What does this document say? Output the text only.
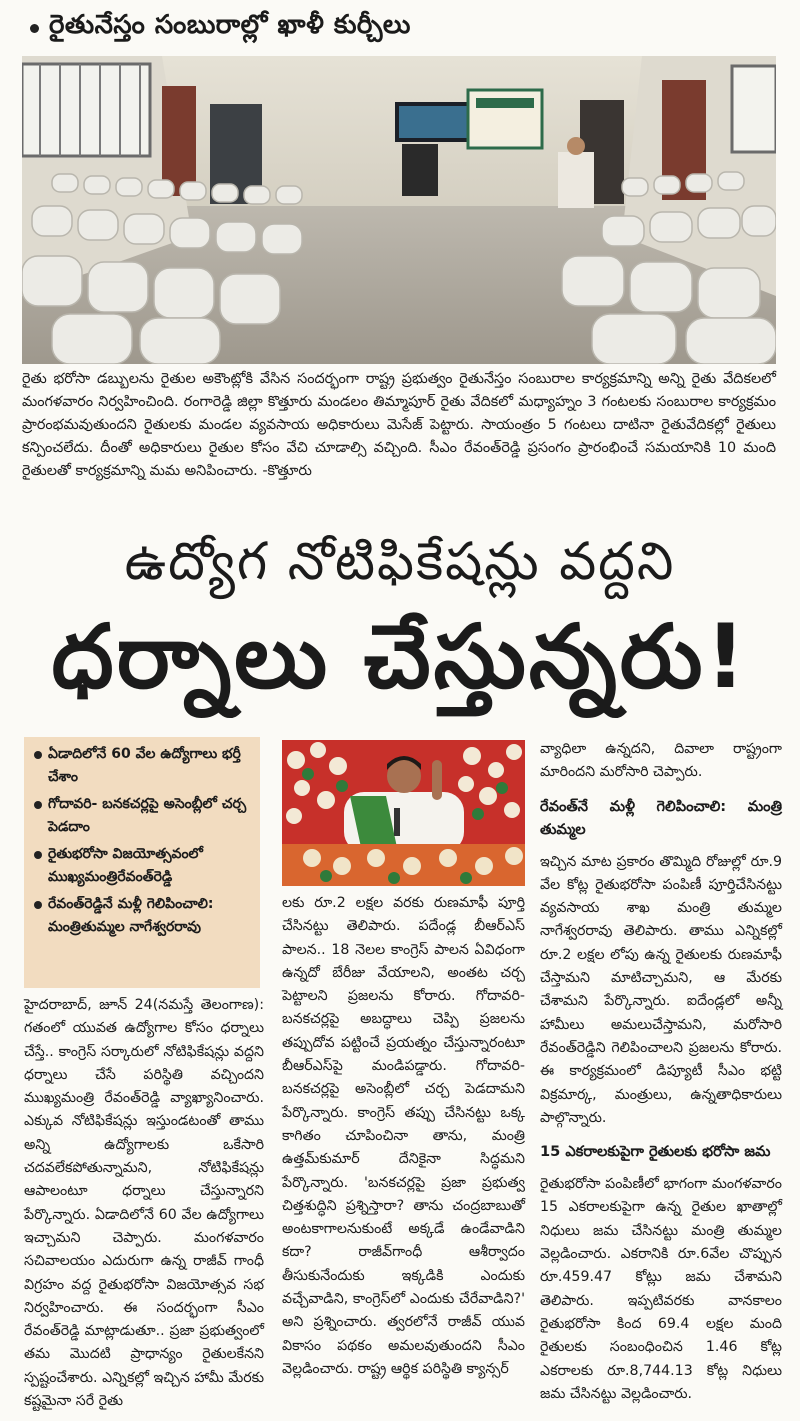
రైతునేస్తం సంబురాల్లో ఖాళీ కుర్చీలు

రైతు భరోసా డబ్బులను రైతుల అకౌంట్లోకి వేసిన సందర్భంగా రాష్ట్ర ప్రభుత్వం రైతునేస్తం సంబురాల కార్యక్రమాన్ని అన్ని రైతు వేదికలలో మంగళవారం నిర్వహించింది. రంగారెడ్డి జిల్లా కొత్తూరు మండలం తిమ్మాపూర్ రైతు వేదికలో మధ్యాహ్నం 3 గంటలకు సంబురాల కార్యక్రమం ప్రారంభమవుతుందని రైతులకు మండల వ్యవసాయ అధికారులు మెసేజ్ పెట్టారు. సాయంత్రం 5 గంటలు దాటినా రైతువేదికల్లో రైతులు కన్పించలేదు. దీంతో అధికారులు రైతుల కోసం వేచి చూడాల్సి వచ్చింది. సీఎం రేవంత్‌రెడ్డి ప్రసంగం ప్రారంభించే సమయానికి 10 మంది రైతులతో కార్యక్రమాన్ని మమ అనిపించారు. -కొత్తూరు

ఉద్యోగ నోటిఫికేషన్లు వద్దని
ధర్నాలు చేస్తున్నరు!
ఏడాదిలోనే 60 వేల ఉద్యోగాలు భర్తీ చేశాం
గోదావరి- బనకచర్లపై అసెంబ్లీలో చర్చ పెడదాం
రైతుభరోసా విజయోత్సవంలో ముఖ్యమంత్రిరేవంత్‌రెడ్డి
రేవంత్‌రెడ్డినే మళ్లీ గెలిపించాలి: మంత్రితుమ్మల నాగేశ్వరరావు

హైదరాబాద్, జూన్ 24(నమస్తే తెలంగాణ): గతంలో యువత ఉద్యోగాల కోసం ధర్నాలు చేస్తే.. కాంగ్రెస్ సర్కారులో నోటిఫికేషన్లు వద్దని ధర్నాలు చేసే పరిస్థితి వచ్చిందని ముఖ్యమంత్రి రేవంత్‌రెడ్డి వ్యాఖ్యానించారు. ఎక్కువ నోటిఫికేషన్లు ఇస్తుండటంతో తాము అన్ని ఉద్యోగాలకు ఒకేసారి చదవలేకపోతున్నామని, నోటిఫికేషన్లు ఆపాలంటూ ధర్నాలు చేస్తున్నారని పేర్కొన్నారు. ఏడాదిలోనే 60 వేల ఉద్యోగాలు ఇచ్చామని చెప్పారు. మంగళవారం సచివాలయం ఎదురుగా ఉన్న రాజీవ్ గాంధీ విగ్రహం వద్ద రైతుభరోసా విజయోత్సవ సభ నిర్వహించారు. ఈ సందర్భంగా సీఎం రేవంత్‌రెడ్డి మాట్లాడుతూ.. ప్రజా ప్రభుత్వంలో తమ మొదటి ప్రాధాన్యం రైతులకేనని స్పష్టంచేశారు. ఎన్నికల్లో ఇచ్చిన హామీ మేరకు కష్టమైనా సరే రైతు

లకు రూ.2 లక్షల వరకు రుణమాఫీ పూర్తి చేసినట్టు తెలిపారు. పదేండ్ల బీఆర్‌ఎస్ పాలన.. 18 నెలల కాంగ్రెస్ పాలన ఏవిధంగా ఉన్నదో బేరీజు వేయాలని, అంతట చర్చ పెట్టాలని ప్రజలను కోరారు. గోదావరి-బనకచర్లపై అబద్ధాలు చెప్పి ప్రజలను తప్పుదోవ పట్టించే ప్రయత్నం చేస్తున్నారంటూ బీఆర్‌ఎస్‌పై మండిపడ్డారు. గోదావరి-బనకచర్లపై అసెంబ్లీలో చర్చ పెడదామని పేర్కొన్నారు. కాంగ్రెస్ తప్పు చేసినట్టు ఒక్క కాగితం చూపించినా తాను, మంత్రి ఉత్తమ్‌కుమార్ దేనికైనా సిద్ధమని పేర్కొన్నారు. 'బనకచర్లపై ప్రజా ప్రభుత్వ చిత్తశుద్ధిని ప్రశ్నిస్తారా? తాను చంద్రబాబుతో అంటకాగాలనుకుంటే అక్కడే ఉండేవాడిని కదా? రాజీవ్‌గాంధీ ఆశీర్వాదం తీసుకునేందుకు ఇక్కడికి ఎందుకు వచ్చేవాడిని, కాంగ్రెస్‌లో ఎందుకు చేరేవాడిని?' అని ప్రశ్నించారు. త్వరలోనే రాజీవ్ యువ వికాసం పథకం అమలవుతుందని సీఎం వెల్లడించారు. రాష్ట్ర ఆర్థిక పరిస్థితి క్యాన్సర్

వ్యాధిలా ఉన్నదని, దివాలా రాష్ట్రంగా మారిందని మరోసారి చెప్పారు.

రేవంత్‌నే మళ్లీ గెలిపించాలి: మంత్రి తుమ్మల

ఇచ్చిన మాట ప్రకారం తొమ్మిది రోజుల్లో రూ.9 వేల కోట్ల రైతుభరోసా పంపిణీ పూర్తిచేసినట్టు వ్యవసాయ శాఖ మంత్రి తుమ్మల నాగేశ్వరరావు తెలిపారు. తాము ఎన్నికల్లో రూ.2 లక్షల లోపు ఉన్న రైతులకు రుణమాఫీ చేస్తామని మాటిచ్చామని, ఆ మేరకు చేశామని పేర్కొన్నారు. ఐదేండ్లలో అన్నీ హామీలు అమలుచేస్తామని, మరోసారి రేవంత్‌రెడ్డిని గెలిపించాలని ప్రజలను కోరారు. ఈ కార్యక్రమంలో డిప్యూటీ సీఎం భట్టి విక్రమార్క, మంత్రులు, ఉన్నతాధికారులు పాల్గొన్నారు.

15 ఎకరాలకుపైగా రైతులకు భరోసా జమ

రైతుభరోసా పంపిణీలో భాగంగా మంగళవారం 15 ఎకరాలకుపైగా ఉన్న రైతుల ఖాతాల్లో నిధులు జమ చేసినట్టు మంత్రి తుమ్మల వెల్లడించారు. ఎకరానికి రూ.6వేల చొప్పున రూ.459.47 కోట్లు జమ చేశామని తెలిపారు. ఇప్పటివరకు వానకాలం రైతుభరోసా కింద 69.4 లక్షల మంది రైతులకు సంబంధించిన 1.46 కోట్ల ఎకరాలకు రూ.8,744.13 కోట్ల నిధులు జమ చేసినట్టు వెల్లడించారు.
